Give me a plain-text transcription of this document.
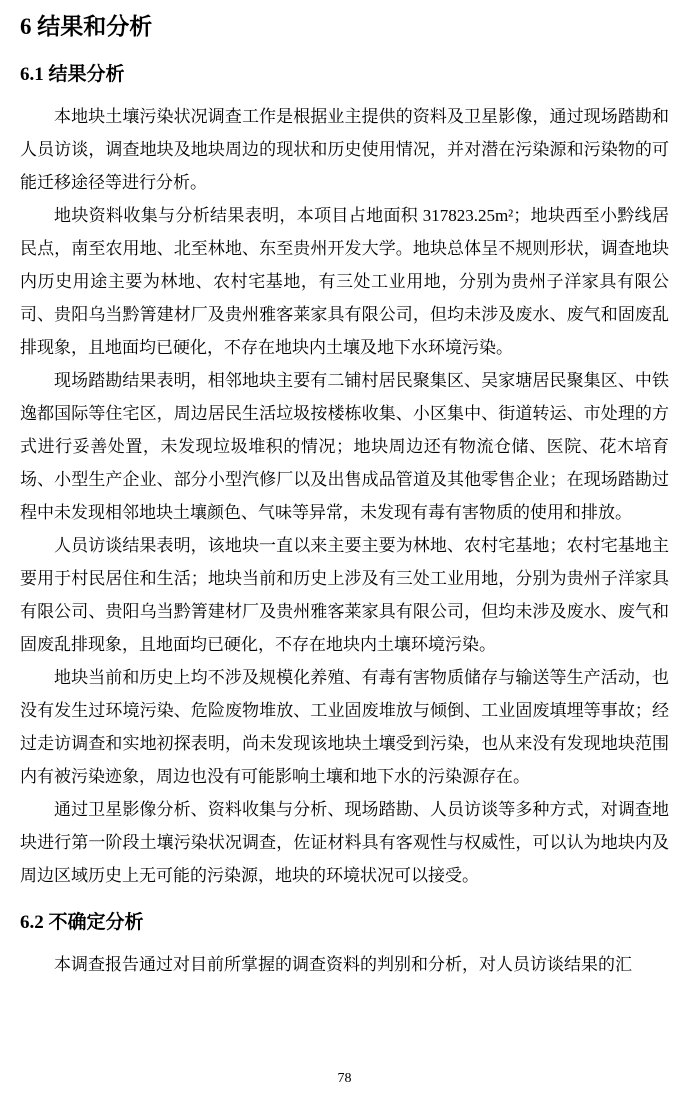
6 结果和分析
6.1 结果分析

本地块土壤污染状况调查工作是根据业主提供的资料及卫星影像，通过现场踏勘和人员访谈，调查地块及地块周边的现状和历史使用情况，并对潜在污染源和污染物的可能迁移途径等进行分析。

地块资料收集与分析结果表明，本项目占地面积 317823.25m²；地块西至小黔线居民点，南至农用地、北至林地、东至贵州开发大学。地块总体呈不规则形状，调查地块内历史用途主要为林地、农村宅基地，有三处工业用地，分别为贵州子洋家具有限公司、贵阳乌当黔箐建材厂及贵州雅客莱家具有限公司，但均未涉及废水、废气和固废乱排现象，且地面均已硬化，不存在地块内土壤及地下水环境污染。

现场踏勘结果表明，相邻地块主要有二铺村居民聚集区、吴家塘居民聚集区、中铁逸都国际等住宅区，周边居民生活垃圾按楼栋收集、小区集中、街道转运、市处理的方式进行妥善处置，未发现垃圾堆积的情况；地块周边还有物流仓储、医院、花木培育场、小型生产企业、部分小型汽修厂以及出售成品管道及其他零售企业；在现场踏勘过程中未发现相邻地块土壤颜色、气味等异常，未发现有毒有害物质的使用和排放。

人员访谈结果表明，该地块一直以来主要主要为林地、农村宅基地；农村宅基地主要用于村民居住和生活；地块当前和历史上涉及有三处工业用地，分别为贵州子洋家具有限公司、贵阳乌当黔箐建材厂及贵州雅客莱家具有限公司，但均未涉及废水、废气和固废乱排现象，且地面均已硬化，不存在地块内土壤环境污染。

地块当前和历史上均不涉及规模化养殖、有毒有害物质储存与输送等生产活动，也没有发生过环境污染、危险废物堆放、工业固废堆放与倾倒、工业固废填埋等事故；经过走访调查和实地初探表明，尚未发现该地块土壤受到污染，也从来没有发现地块范围内有被污染迹象，周边也没有可能影响土壤和地下水的污染源存在。

通过卫星影像分析、资料收集与分析、现场踏勘、人员访谈等多种方式，对调查地块进行第一阶段土壤污染状况调查，佐证材料具有客观性与权威性，可以认为地块内及周边区域历史上无可能的污染源，地块的环境状况可以接受。

6.2 不确定分析

本调查报告通过对目前所掌握的调查资料的判别和分析，对人员访谈结果的汇

78
